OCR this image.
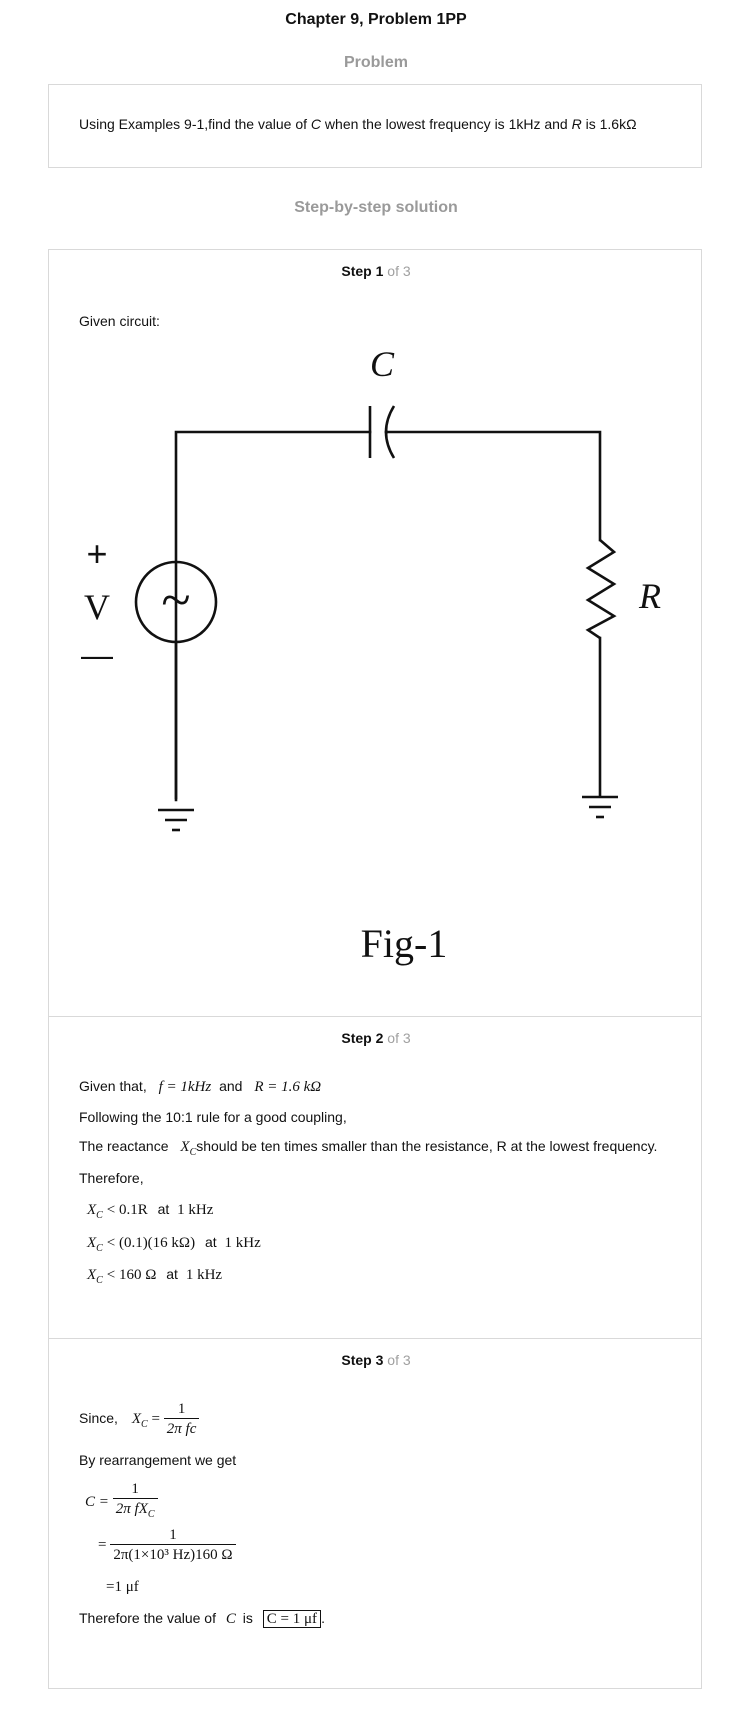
Chapter 9, Problem 1PP
Problem
Using Examples 9-1,find the value of C when the lowest frequency is 1kHz and R is 1.6kΩ
Step-by-step solution
Step 1 of 3
Given circuit:
~
C
R
+
V
—
Fig-1
Step 2 of 3
Given that, f = 1kHz and R = 1.6 kΩ
Following the 10:1 rule for a good coupling,
The reactance $X_Cshould$ be ten times smaller than the resistance, R at the lowest frequency.
Therefore,
$X_C < 0.1R$ at 1 kHz
$X_C < (0.1)(16$ kΩ) at 1 kHz
$X_C < 160$ Ω at 1 kHz
Step 3 of 3
Since, $X_C = \frac{1}{\text{2π fc}}$
By rearrangement we get
$C = \frac{1}{2\pi fX_C}$
= $\frac{1}{\text{2π(1×10³ Hz)160 Ω}}$
=1 μf
Therefore the value of C is C = 1 μf .
